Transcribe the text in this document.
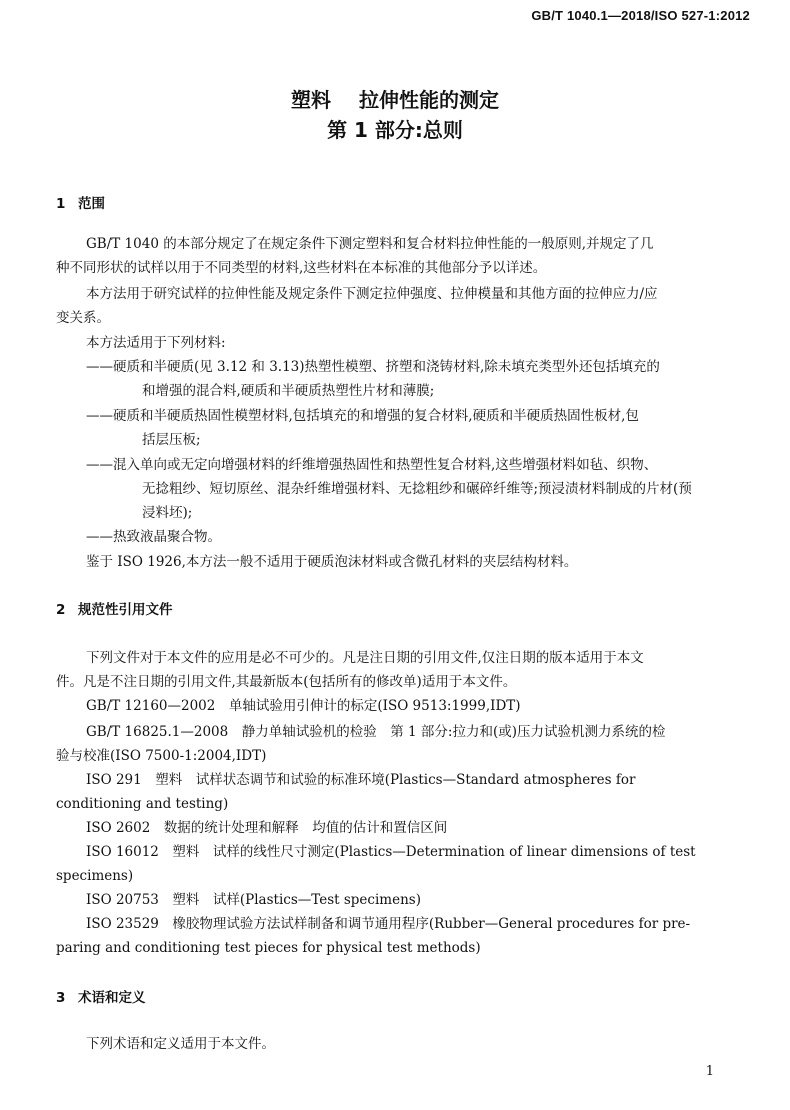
GB/T 1040.1—2018/ISO 527-1:2012
塑料 拉伸性能的测定
第 1 部分:总则
1 范围
GB/T 1040 的本部分规定了在规定条件下测定塑料和复合材料拉伸性能的一般原则,并规定了几
种不同形状的试样以用于不同类型的材料,这些材料在本标准的其他部分予以详述。
本方法用于研究试样的拉伸性能及规定条件下测定拉伸强度、拉伸模量和其他方面的拉伸应力/应
变关系。
本方法适用于下列材料:
——硬质和半硬质(见 3.12 和 3.13)热塑性模塑、挤塑和浇铸材料,除未填充类型外还包括填充的
和增强的混合料,硬质和半硬质热塑性片材和薄膜;
——硬质和半硬质热固性模塑材料,包括填充的和增强的复合材料,硬质和半硬质热固性板材,包
括层压板;
——混入单向或无定向增强材料的纤维增强热固性和热塑性复合材料,这些增强材料如毡、织物、
无捻粗纱、短切原丝、混杂纤维增强材料、无捻粗纱和碾碎纤维等;预浸渍材料制成的片材(预
浸料坯);
——热致液晶聚合物。
鉴于 ISO 1926,本方法一般不适用于硬质泡沫材料或含微孔材料的夹层结构材料。
2 规范性引用文件
下列文件对于本文件的应用是必不可少的。凡是注日期的引用文件,仅注日期的版本适用于本文
件。凡是不注日期的引用文件,其最新版本(包括所有的修改单)适用于本文件。
GB/T 12160—2002　单轴试验用引伸计的标定(ISO 9513:1999,IDT)
GB/T 16825.1—2008　静力单轴试验机的检验　第 1 部分:拉力和(或)压力试验机测力系统的检
验与校准(ISO 7500-1:2004,IDT)
ISO 291　塑料　试样状态调节和试验的标准环境(Plastics—Standard atmospheres for
conditioning and testing)
ISO 2602　数据的统计处理和解释　均值的估计和置信区间
ISO 16012　塑料　试样的线性尺寸测定(Plastics—Determination of linear dimensions of test
specimens)
ISO 20753　塑料　试样(Plastics—Test specimens)
ISO 23529　橡胶物理试验方法试样制备和调节通用程序(Rubber—General procedures for pre-
paring and conditioning test pieces for physical test methods)
3 术语和定义
下列术语和定义适用于本文件。
1
